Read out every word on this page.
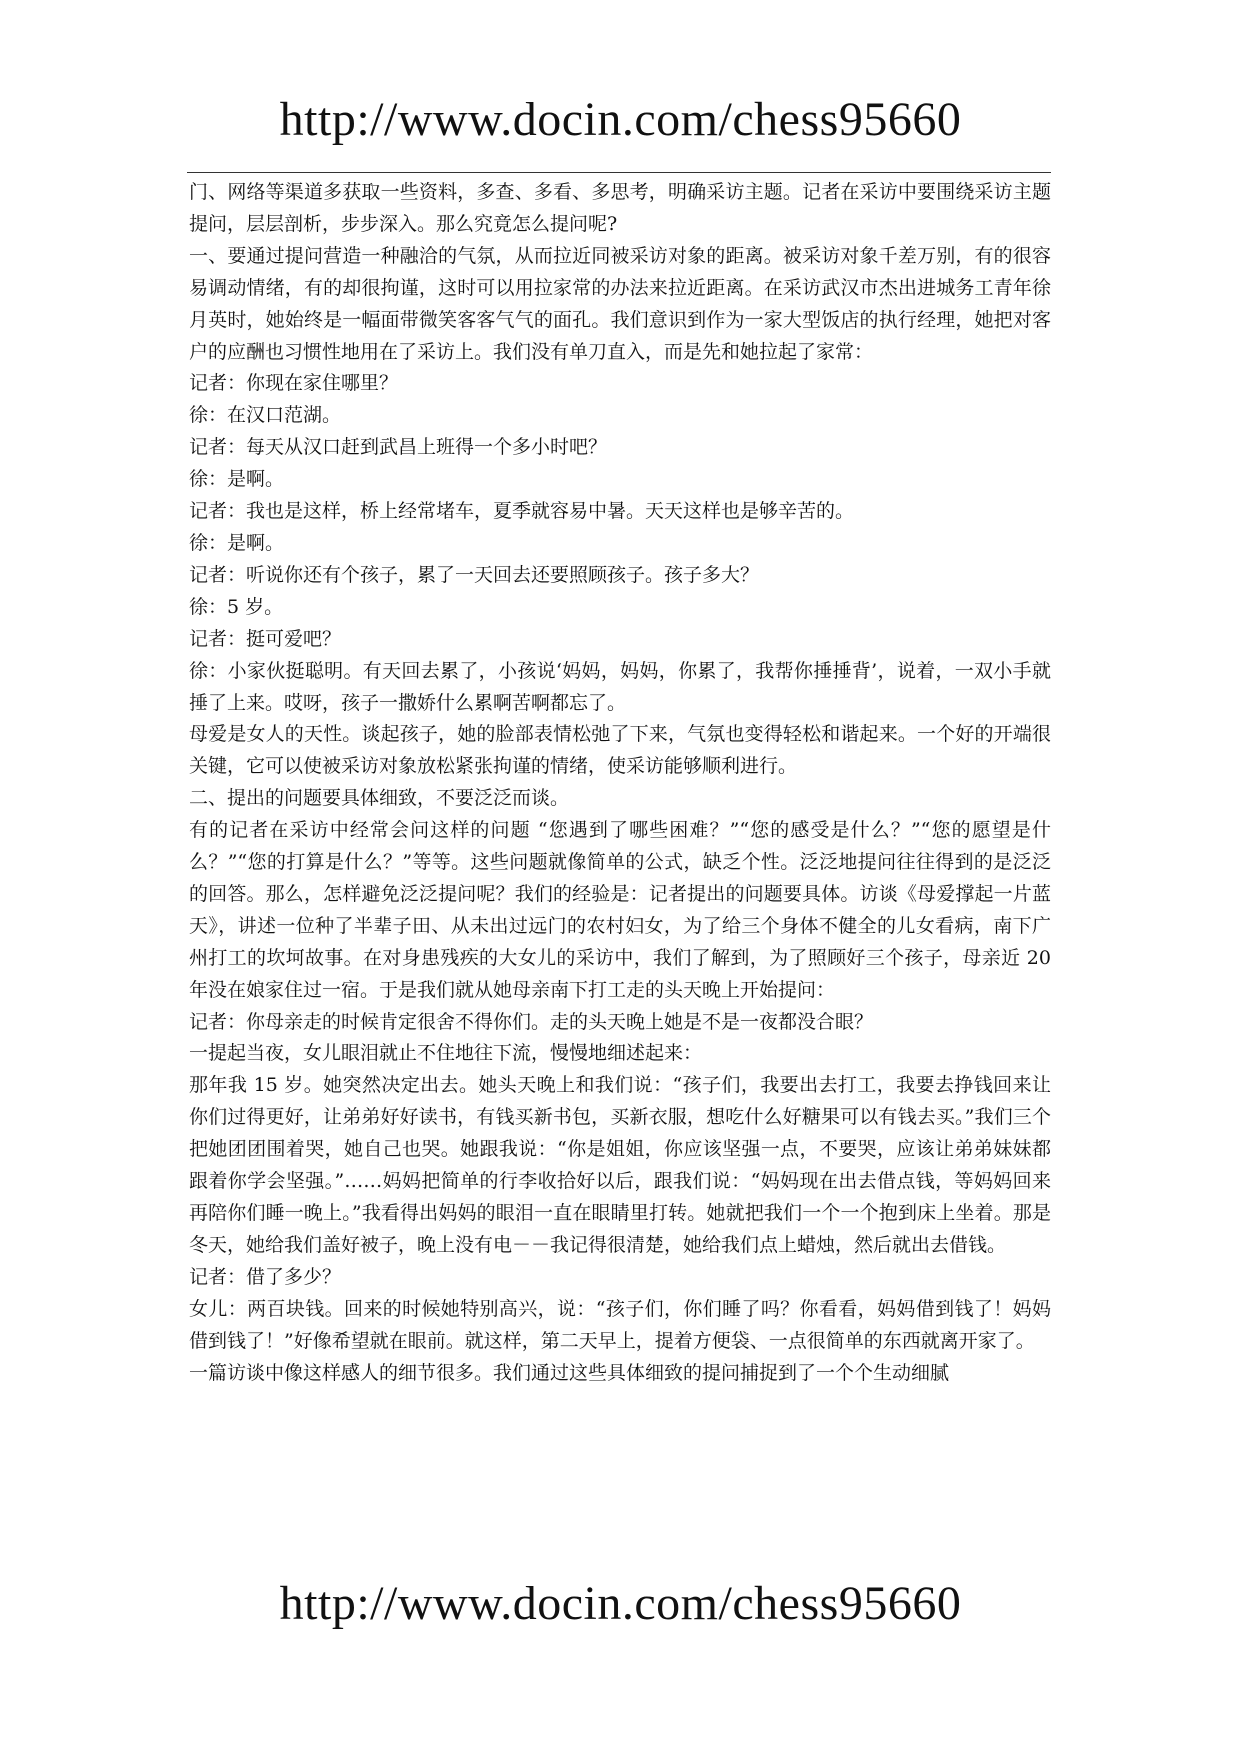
http://www.docin.com/chess95660

门、网络等渠道多获取一些资料，多查、多看、多思考，明确采访主题。记者在采访中要围绕采访主题提问，层层剖析，步步深入。那么究竟怎么提问呢?

一、要通过提问营造一种融洽的气氛，从而拉近同被采访对象的距离。被采访对象千差万别，有的很容易调动情绪，有的却很拘谨，这时可以用拉家常的办法来拉近距离。在采访武汉市杰出进城务工青年徐月英时，她始终是一幅面带微笑客客气气的面孔。我们意识到作为一家大型饭店的执行经理，她把对客户的应酬也习惯性地用在了采访上。我们没有单刀直入，而是先和她拉起了家常：

记者：你现在家住哪里？

徐：在汉口范湖。

记者：每天从汉口赶到武昌上班得一个多小时吧？

徐：是啊。

记者：我也是这样，桥上经常堵车，夏季就容易中暑。天天这样也是够辛苦的。

徐：是啊。

记者：听说你还有个孩子，累了一天回去还要照顾孩子。孩子多大？

徐：5 岁。

记者：挺可爱吧？

徐：小家伙挺聪明。有天回去累了，小孩说‘妈妈，妈妈，你累了，我帮你捶捶背’，说着，一双小手就捶了上来。哎呀，孩子一撒娇什么累啊苦啊都忘了。

母爱是女人的天性。谈起孩子，她的脸部表情松弛了下来，气氛也变得轻松和谐起来。一个好的开端很关键，它可以使被采访对象放松紧张拘谨的情绪，使采访能够顺利进行。

二、提出的问题要具体细致，不要泛泛而谈。

有的记者在采访中经常会问这样的问题 “您遇到了哪些困难？”“您的感受是什么？”“您的愿望是什么？”“您的打算是什么？”等等。这些问题就像简单的公式，缺乏个性。泛泛地提问往往得到的是泛泛的回答。那么，怎样避免泛泛提问呢？我们的经验是：记者提出的问题要具体。访谈《母爱撑起一片蓝天》，讲述一位种了半辈子田、从未出过远门的农村妇女，为了给三个身体不健全的儿女看病，南下广州打工的坎坷故事。在对身患残疾的大女儿的采访中，我们了解到，为了照顾好三个孩子，母亲近 20 年没在娘家住过一宿。于是我们就从她母亲南下打工走的头天晚上开始提问：

记者：你母亲走的时候肯定很舍不得你们。走的头天晚上她是不是一夜都没合眼？

一提起当夜，女儿眼泪就止不住地往下流，慢慢地细述起来：

那年我 15 岁。她突然决定出去。她头天晚上和我们说：“孩子们，我要出去打工，我要去挣钱回来让你们过得更好，让弟弟好好读书，有钱买新书包，买新衣服，想吃什么好糖果可以有钱去买。”我们三个把她团团围着哭，她自己也哭。她跟我说：“你是姐姐，你应该坚强一点，不要哭，应该让弟弟妹妹都跟着你学会坚强。”……妈妈把简单的行李收拾好以后，跟我们说：“妈妈现在出去借点钱，等妈妈回来再陪你们睡一晚上。”我看得出妈妈的眼泪一直在眼睛里打转。她就把我们一个一个抱到床上坐着。那是冬天，她给我们盖好被子，晚上没有电－－我记得很清楚，她给我们点上蜡烛，然后就出去借钱。

记者：借了多少？

女儿：两百块钱。回来的时候她特别高兴，说：“孩子们，你们睡了吗？你看看，妈妈借到钱了！妈妈借到钱了！”好像希望就在眼前。就这样，第二天早上，提着方便袋、一点很简单的东西就离开家了。

一篇访谈中像这样感人的细节很多。我们通过这些具体细致的提问捕捉到了一个个生动细腻

http://www.docin.com/chess95660
